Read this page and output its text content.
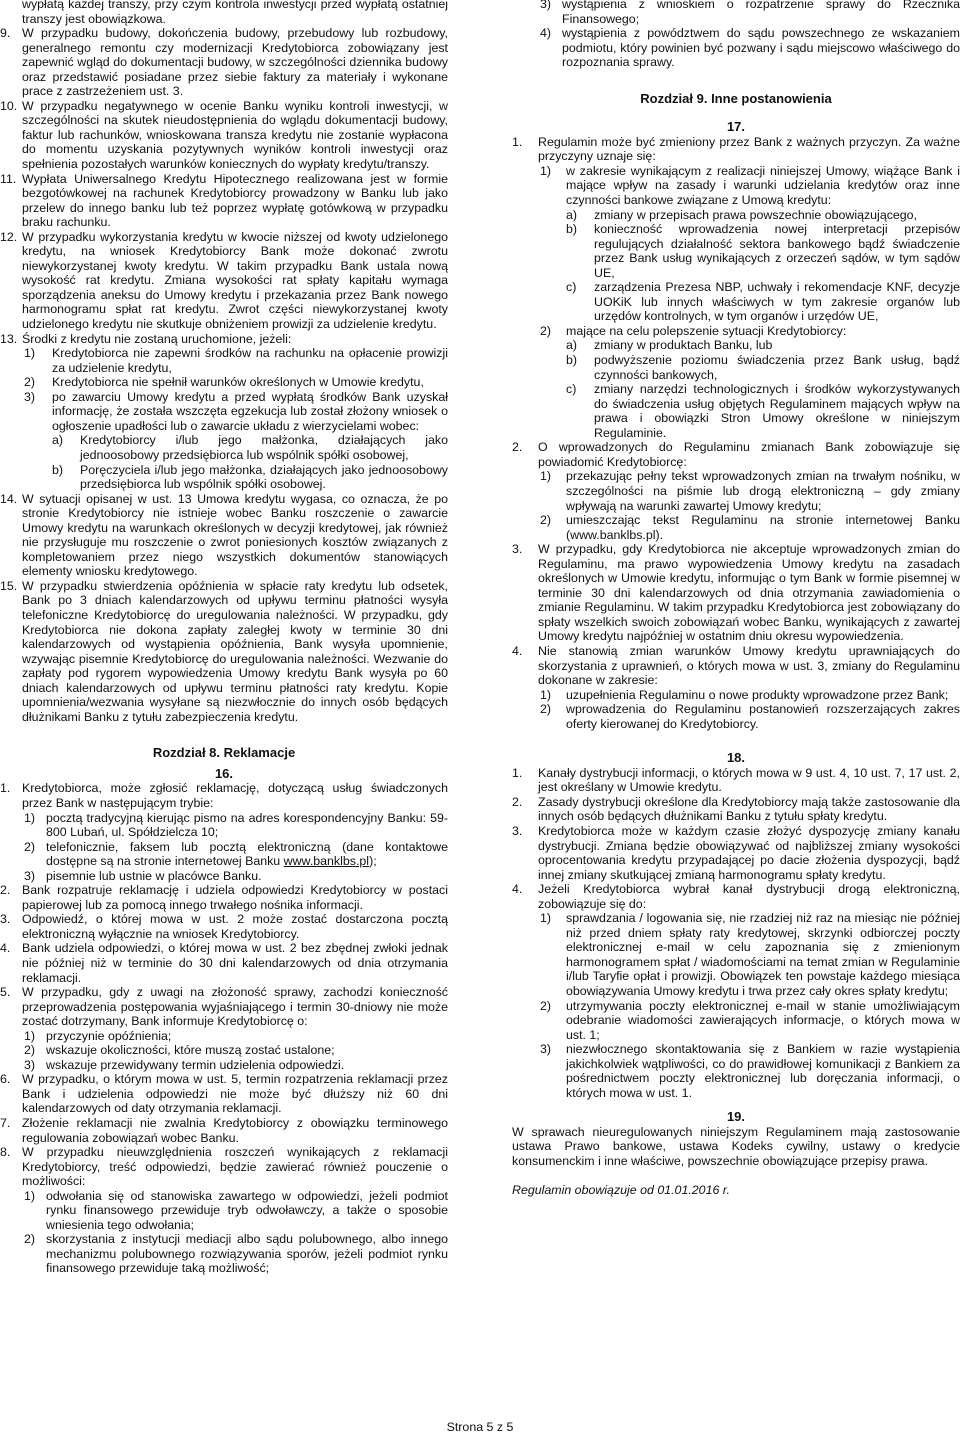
wypłatą każdej transzy, przy czym kontrola inwestycji przed wypłatą ostatniej transzy jest obowiązkowa.

9. W przypadku budowy, dokończenia budowy, przebudowy lub rozbudowy, generalnego remontu czy modernizacji Kredytobiorca zobowiązany jest zapewnić wgląd do dokumentacji budowy, w szczególności dziennika budowy oraz przedstawić posiadane przez siebie faktury za materiały i wykonane prace z zastrzeżeniem ust. 3.
10. W przypadku negatywnego w ocenie Banku wyniku kontroli inwestycji, w szczególności na skutek nieudostępnienia do wglądu dokumentacji budowy, faktur lub rachunków, wnioskowana transza kredytu nie zostanie wypłacona do momentu uzyskania pozytywnych wyników kontroli inwestycji oraz spełnienia pozostałych warunków koniecznych do wypłaty kredytu/transzy.
11. Wypłata Uniwersalnego Kredytu Hipotecznego realizowana jest w formie bezgotówkowej na rachunek Kredytobiorcy prowadzony w Banku lub jako przelew do innego banku lub też poprzez wypłatę gotówkową w przypadku braku rachunku.
12. W przypadku wykorzystania kredytu w kwocie niższej od kwoty udzielonego kredytu, na wniosek Kredytobiorcy Bank może dokonać zwrotu niewykorzystanej kwoty kredytu. W takim przypadku Bank ustala nową wysokość rat kredytu. Zmiana wysokości rat spłaty kapitału wymaga sporządzenia aneksu do Umowy kredytu i przekazania przez Bank nowego harmonogramu spłat rat kredytu. Zwrot części niewykorzystanej kwoty udzielonego kredytu nie skutkuje obniżeniem prowizji za udzielenie kredytu.
13. Środki z kredytu nie zostaną uruchomione, jeżeli:
1)	Kredytobiorca nie zapewni środków na rachunku na opłacenie prowizji za udzielenie kredytu,
2)	Kredytobiorca nie spełnił warunków określonych w Umowie kredytu,
3)	po zawarciu Umowy kredytu a przed wypłatą środków Bank uzyskał informację, że została wszczęta egzekucja lub został złożony wniosek o ogłoszenie upadłości lub o zawarcie układu z wierzycielami wobec:
a)	Kredytobiorcy i/lub jego małżonka, działających jako jednoosobowy przedsiębiorca lub wspólnik spółki osobowej,
b)	Poręczyciela i/lub jego małżonka, działających jako jednoosobowy przedsiębiorca lub wspólnik spółki osobowej.
14. W sytuacji opisanej w ust. 13 Umowa kredytu wygasa, co oznacza, że po stronie Kredytobiorcy nie istnieje wobec Banku roszczenie o zawarcie Umowy kredytu na warunkach określonych w decyzji kredytowej, jak również nie przysługuje mu roszczenie o zwrot poniesionych kosztów związanych z kompletowaniem przez niego wszystkich dokumentów stanowiących elementy wniosku kredytowego.
15. W przypadku stwierdzenia opóźnienia w spłacie raty kredytu lub odsetek, Bank po 3 dniach kalendarzowych od upływu terminu płatności wysyła telefoniczne Kredytobiorcę do uregulowania należności. W przypadku, gdy Kredytobiorca nie dokona zapłaty zaległej kwoty w terminie 30 dni kalendarzowych od wystąpienia opóźnienia, Bank wysyła upomnienie, wzywając pisemnie Kredytobiorcę do uregulowania należności. Wezwanie do zapłaty pod rygorem wypowiedzenia Umowy kredytu Bank wysyła po 60 dniach kalendarzowych od upływu terminu płatności raty kredytu. Kopie upomnienia/wezwania wysyłane są niezwłocznie do innych osób będących dłużnikami Banku z tytułu zabezpieczenia kredytu.

Rozdział 8. Reklamacje

16.

1. Kredytobiorca, może zgłosić reklamację, dotyczącą usług świadczonych przez Bank w następującym trybie:
1) pocztą tradycyjną kierując pismo na adres korespondencyjny Banku: 59-800 Lubań, ul. Spółdzielcza 10;
2) telefonicznie, faksem lub pocztą elektroniczną (dane kontaktowe dostępne są na stronie internetowej Banku www.banklbs.pl);
3) pisemnie lub ustnie w placówce Banku.
2. Bank rozpatruje reklamację i udziela odpowiedzi Kredytobiorcy w postaci papierowej lub za pomocą innego trwałego nośnika informacji.
3. Odpowiedź, o której mowa w ust. 2 może zostać dostarczona pocztą elektroniczną wyłącznie na wniosek Kredytobiorcy.
4. Bank udziela odpowiedzi, o której mowa w ust. 2 bez zbędnej zwłoki jednak nie później niż w terminie do 30 dni kalendarzowych od dnia otrzymania reklamacji.
5. W przypadku, gdy z uwagi na złożoność sprawy, zachodzi konieczność przeprowadzenia postępowania wyjaśniającego i termin 30-dniowy nie może zostać dotrzymany, Bank informuje Kredytobiorcę o:
1) przyczynie opóźnienia;
2) wskazuje okoliczności, które muszą zostać ustalone;
3) wskazuje przewidywany termin udzielenia odpowiedzi.
6. W przypadku, o którym mowa w ust. 5, termin rozpatrzenia reklamacji przez Bank i udzielenia odpowiedzi nie może być dłuższy niż 60 dni kalendarzowych od daty otrzymania reklamacji.
7. Złożenie reklamacji nie zwalnia Kredytobiorcy z obowiązku terminowego regulowania zobowiązań wobec Banku.
8. W przypadku nieuwzględnienia roszczeń wynikających z reklamacji Kredytobiorcy, treść odpowiedzi, będzie zawierać również pouczenie o możliwości:
1) odwołania się od stanowiska zawartego w odpowiedzi, jeżeli podmiot rynku finansowego przewiduje tryb odwoławczy, a także o sposobie wniesienia tego odwołania;
2) skorzystania z instytucji mediacji albo sądu polubownego, albo innego mechanizmu polubownego rozwiązywania sporów, jeżeli podmiot rynku finansowego przewiduje taką możliwość;
3) wystąpienia z wnioskiem o rozpatrzenie sprawy do Rzecznika Finansowego;
4) wystąpienia z powództwem do sądu powszechnego ze wskazaniem podmiotu, który powinien być pozwany i sądu miejscowo właściwego do rozpoznania sprawy.

Rozdział 9. Inne postanowienia

17.

1.	Regulamin może być zmieniony przez Bank z ważnych przyczyn. Za ważne przyczyny uznaje się:
1)	w zakresie wynikającym z realizacji niniejszej Umowy, wiążące Bank i mające wpływ na zasady i warunki udzielania kredytów oraz inne czynności bankowe związane z Umową kredytu:
a)	zmiany w przepisach prawa powszechnie obowiązującego,
b)	konieczność wprowadzenia nowej interpretacji przepisów regulujących działalność sektora bankowego bądź świadczenie przez Bank usług wynikających z orzeczeń sądów, w tym sądów UE,
c)	zarządzenia Prezesa NBP, uchwały i rekomendacje KNF, decyzje UOKiK lub innych właściwych w tym zakresie organów lub urzędów kontrolnych, w tym organów i urzędów UE,
2)	mające na celu polepszenie sytuacji Kredytobiorcy:
a)	zmiany w produktach Banku, lub
b)	podwyższenie poziomu świadczenia przez Bank usług, bądź czynności bankowych,
c)	zmiany narzędzi technologicznych i środków wykorzystywanych do świadczenia usług objętych Regulaminem mających wpływ na prawa i obowiązki Stron Umowy określone w niniejszym Regulaminie.
2.	O wprowadzonych do Regulaminu zmianach Bank zobowiązuje się powiadomić Kredytobiorcę:
1)	przekazując pełny tekst wprowadzonych zmian na trwałym nośniku, w szczególności na piśmie lub drogą elektroniczną – gdy zmiany wpływają na warunki zawartej Umowy kredytu;
2)	umieszczając tekst Regulaminu na stronie internetowej Banku (www.banklbs.pl).
3.	W przypadku, gdy Kredytobiorca nie akceptuje wprowadzonych zmian do Regulaminu, ma prawo wypowiedzenia Umowy kredytu na zasadach określonych w Umowie kredytu, informując o tym Bank w formie pisemnej w terminie 30 dni kalendarzowych od dnia otrzymania zawiadomienia o zmianie Regulaminu. W takim przypadku Kredytobiorca jest zobowiązany do spłaty wszelkich swoich zobowiązań wobec Banku, wynikających z zawartej Umowy kredytu najpóźniej w ostatnim dniu okresu wypowiedzenia.
4.	Nie stanowią zmian warunków Umowy kredytu uprawniających do skorzystania z uprawnień, o których mowa w ust. 3, zmiany do Regulaminu dokonane w zakresie:
1)	uzupełnienia Regulaminu o nowe produkty wprowadzone przez Bank;
2)	wprowadzenia do Regulaminu postanowień rozszerzających zakres oferty kierowanej do Kredytobiorcy.

18.

1.	Kanały dystrybucji informacji, o których mowa w 9 ust. 4, 10 ust. 7, 17 ust. 2, jest określany w Umowie kredytu.
2.	Zasady dystrybucji określone dla Kredytobiorcy mają także zastosowanie dla innych osób będących dłużnikami Banku z tytułu spłaty kredytu.
3.	Kredytobiorca może w każdym czasie złożyć dyspozycję zmiany kanału dystrybucji. Zmiana będzie obowiązywać od najbliższej zmiany wysokości oprocentowania kredytu przypadającej po dacie złożenia dyspozycji, bądź innej zmiany skutkującej zmianą harmonogramu spłaty kredytu.
4.	Jeżeli Kredytobiorca wybrał kanał dystrybucji drogą elektroniczną, zobowiązuje się do:
1)	sprawdzania / logowania się, nie rzadziej niż raz na miesiąc nie później niż przed dniem spłaty raty kredytowej, skrzynki odbiorczej poczty elektronicznej e-mail w celu zapoznania się z zmienionym harmonogramem spłat / wiadomościami na temat zmian w Regulaminie i/lub Taryfie opłat i prowizji. Obowiązek ten powstaje każdego miesiąca obowiązywania Umowy kredytu i trwa przez cały okres spłaty kredytu;
2)	utrzymywania poczty elektronicznej e-mail w stanie umożliwiającym odebranie wiadomości zawierających informacje, o których mowa w ust. 1;
3)	niezwłocznego skontaktowania się z Bankiem w razie wystąpienia jakichkolwiek wątpliwości, co do prawidłowej komunikacji z Bankiem za pośrednictwem poczty elektronicznej lub doręczania informacji, o których mowa w ust. 1.

19.

W sprawach nieuregulowanych niniejszym Regulaminem mają zastosowanie ustawa Prawo bankowe, ustawa Kodeks cywilny, ustawy o kredycie konsumenckim i inne właściwe, powszechnie obowiązujące przepisy prawa.

Regulamin obowiązuje od 01.01.2016 r.

Strona 5 z 5
